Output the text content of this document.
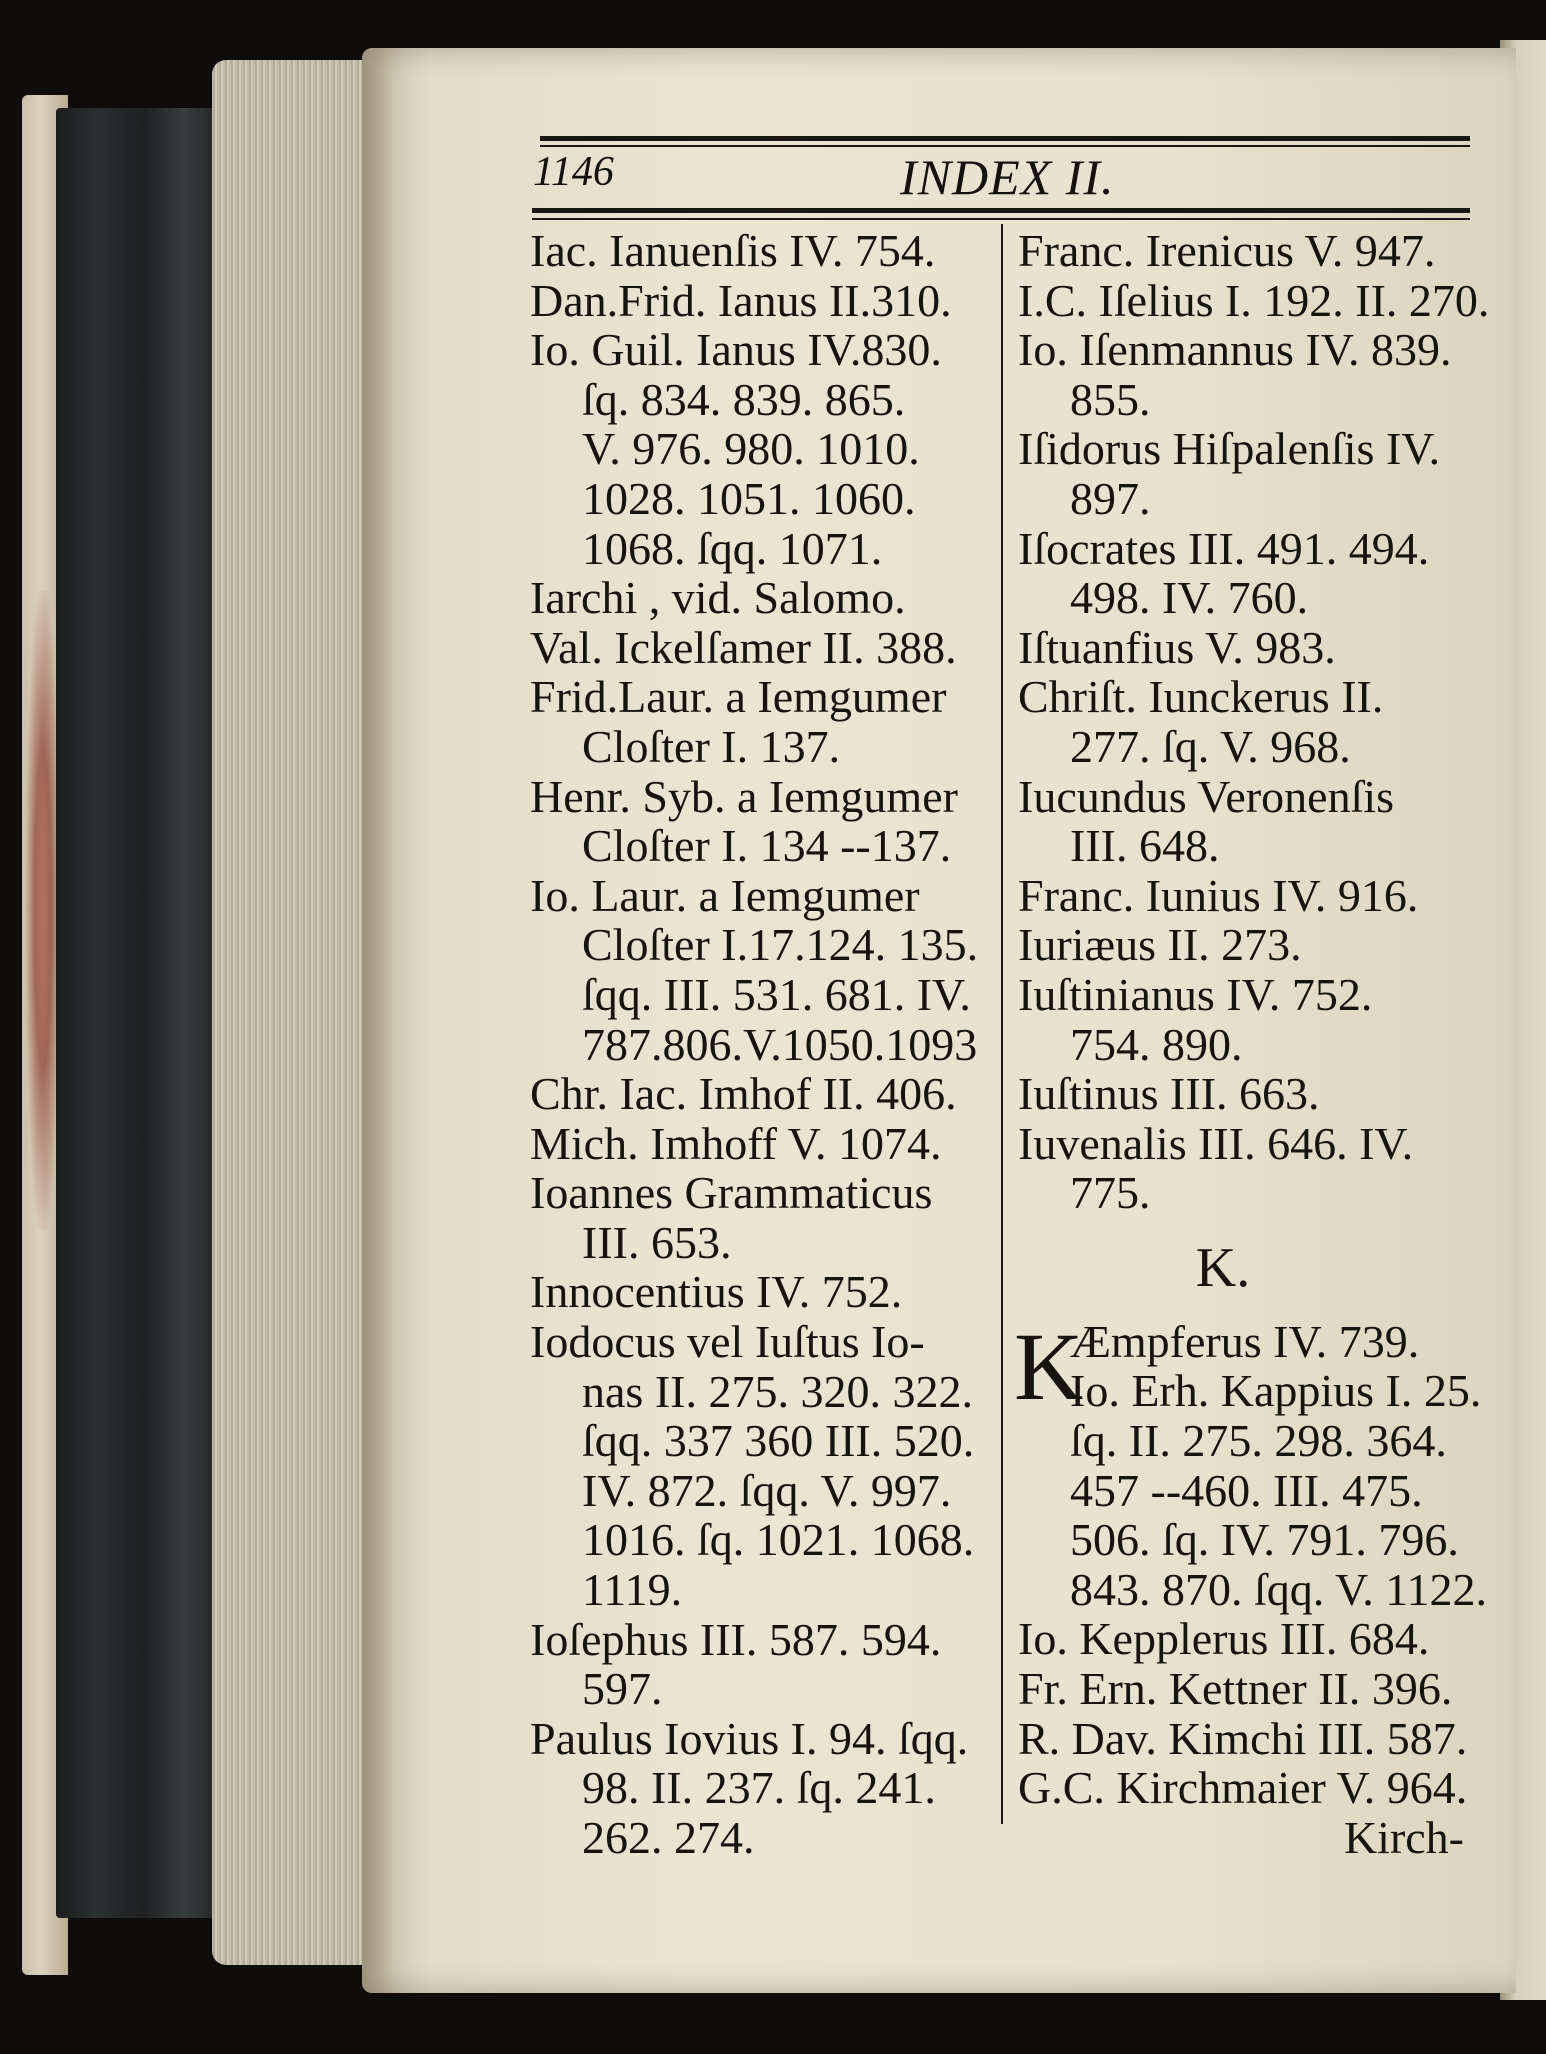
1146	INDEX II.
Iac. Ianuenſis IV. 754.
Dan.Frid. Ianus II.310.
Io. Guil. Ianus IV.830.
ſq. 834. 839. 865.
V. 976. 980. 1010.
1028. 1051. 1060.
1068. ſqq. 1071.
Iarchi , vid. Salomo.
Val. Ickelſamer II. 388.
Frid.Laur. a Iemgumer
Cloſter I. 137.
Henr. Syb. a Iemgumer
Cloſter I. 134 --137.
Io. Laur. a Iemgumer
Cloſter I.17.124. 135.
ſqq. III. 531. 681. IV.
787.806.V.1050.1093
Chr. Iac. Imhof II. 406.
Mich. Imhoff V. 1074.
Ioannes Grammaticus
III. 653.
Innocentius IV. 752.
Iodocus vel Iuſtus Io-
nas II. 275. 320. 322.
ſqq. 337 360 III. 520.
IV. 872. ſqq. V. 997.
1016. ſq. 1021. 1068.
1119.
Ioſephus III. 587. 594.
597.
Paulus Iovius I. 94. ſqq.
98. II. 237. ſq. 241.
262. 274.
Franc. Irenicus V. 947.
I.C. Iſelius I. 192. II. 270.
Io. Iſenmannus IV. 839.
855.
Iſidorus Hiſpalenſis IV.
897.
Iſocrates III. 491. 494.
498. IV. 760.
Iſtuanfius V. 983.
Chriſt. Iunckerus II.
277. ſq. V. 968.
Iucundus Veronenſis
III. 648.
Franc. Iunius IV. 916.
Iuriæus II. 273.
Iuſtinianus IV. 752.
754. 890.
Iuſtinus III. 663.
Iuvenalis III. 646. IV.
775.
K.
Æmpferus IV. 739.
K
Io. Erh. Kappius I. 25.
ſq. II. 275. 298. 364.
457 --460. III. 475.
506. ſq. IV. 791. 796.
843. 870. ſqq. V. 1122.
Io. Kepplerus III. 684.
Fr. Ern. Kettner II. 396.
R. Dav. Kimchi III. 587.
G.C. Kirchmaier V. 964.
Kirch-
